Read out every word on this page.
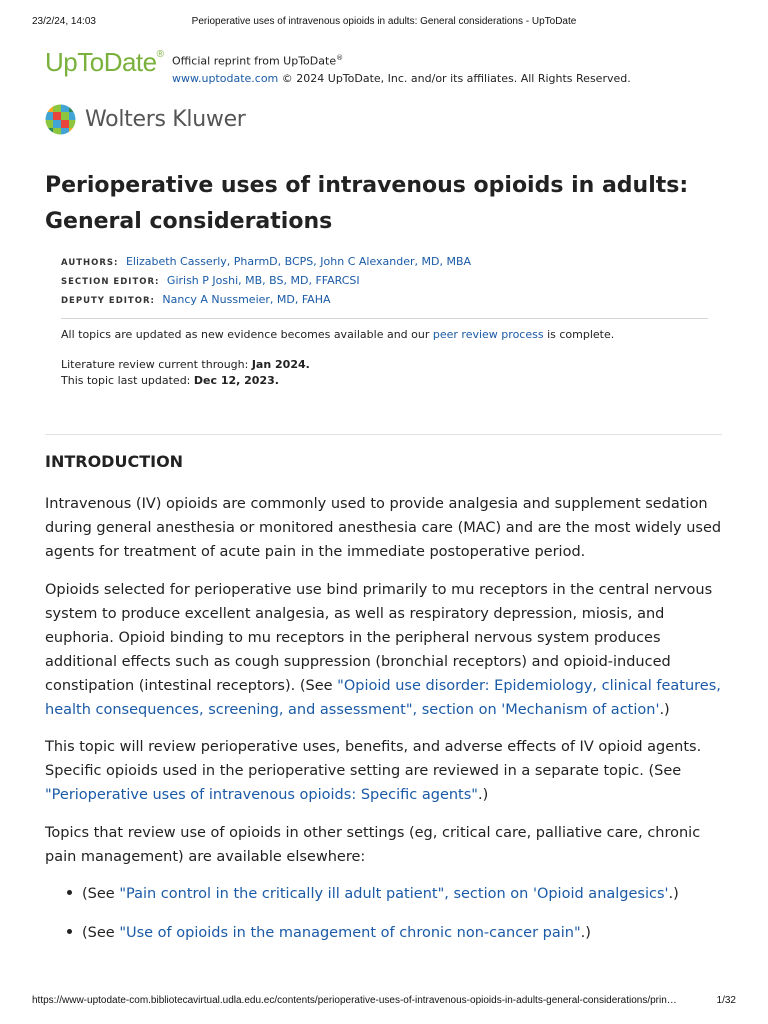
23/2/24, 14:03	Perioperative uses of intravenous opioids in adults: General considerations - UpToDate
UpToDate®
Official reprint from UpToDate®
www.uptodate.com © 2024 UpToDate, Inc. and/or its affiliates. All Rights Reserved.
Wolters Kluwer
Perioperative uses of intravenous opioids in adults: General considerations
AUTHORS: Elizabeth Casserly, PharmD, BCPS, John C Alexander, MD, MBA
SECTION EDITOR: Girish P Joshi, MB, BS, MD, FFARCSI
DEPUTY EDITOR: Nancy A Nussmeier, MD, FAHA
All topics are updated as new evidence becomes available and our peer review process is complete.
Literature review current through: Jan 2024.
This topic last updated: Dec 12, 2023.
INTRODUCTION

Intravenous (IV) opioids are commonly used to provide analgesia and supplement sedation during general anesthesia or monitored anesthesia care (MAC) and are the most widely used agents for treatment of acute pain in the immediate postoperative period.

Opioids selected for perioperative use bind primarily to mu receptors in the central nervous system to produce excellent analgesia, as well as respiratory depression, miosis, and euphoria. Opioid binding to mu receptors in the peripheral nervous system produces additional effects such as cough suppression (bronchial receptors) and opioid-induced constipation (intestinal receptors). (See "Opioid use disorder: Epidemiology, clinical features, health consequences, screening, and assessment", section on 'Mechanism of action'.)

This topic will review perioperative uses, benefits, and adverse effects of IV opioid agents. Specific opioids used in the perioperative setting are reviewed in a separate topic. (See "Perioperative uses of intravenous opioids: Specific agents".)

Topics that review use of opioids in other settings (eg, critical care, palliative care, chronic pain management) are available elsewhere:

(See "Pain control in the critically ill adult patient", section on 'Opioid analgesics'.)
(See "Use of opioids in the management of chronic non-cancer pain".)
https://www-uptodate-com.bibliotecavirtual.udla.edu.ec/contents/perioperative-uses-of-intravenous-opioids-in-adults-general-considerations/prin…	1/32
